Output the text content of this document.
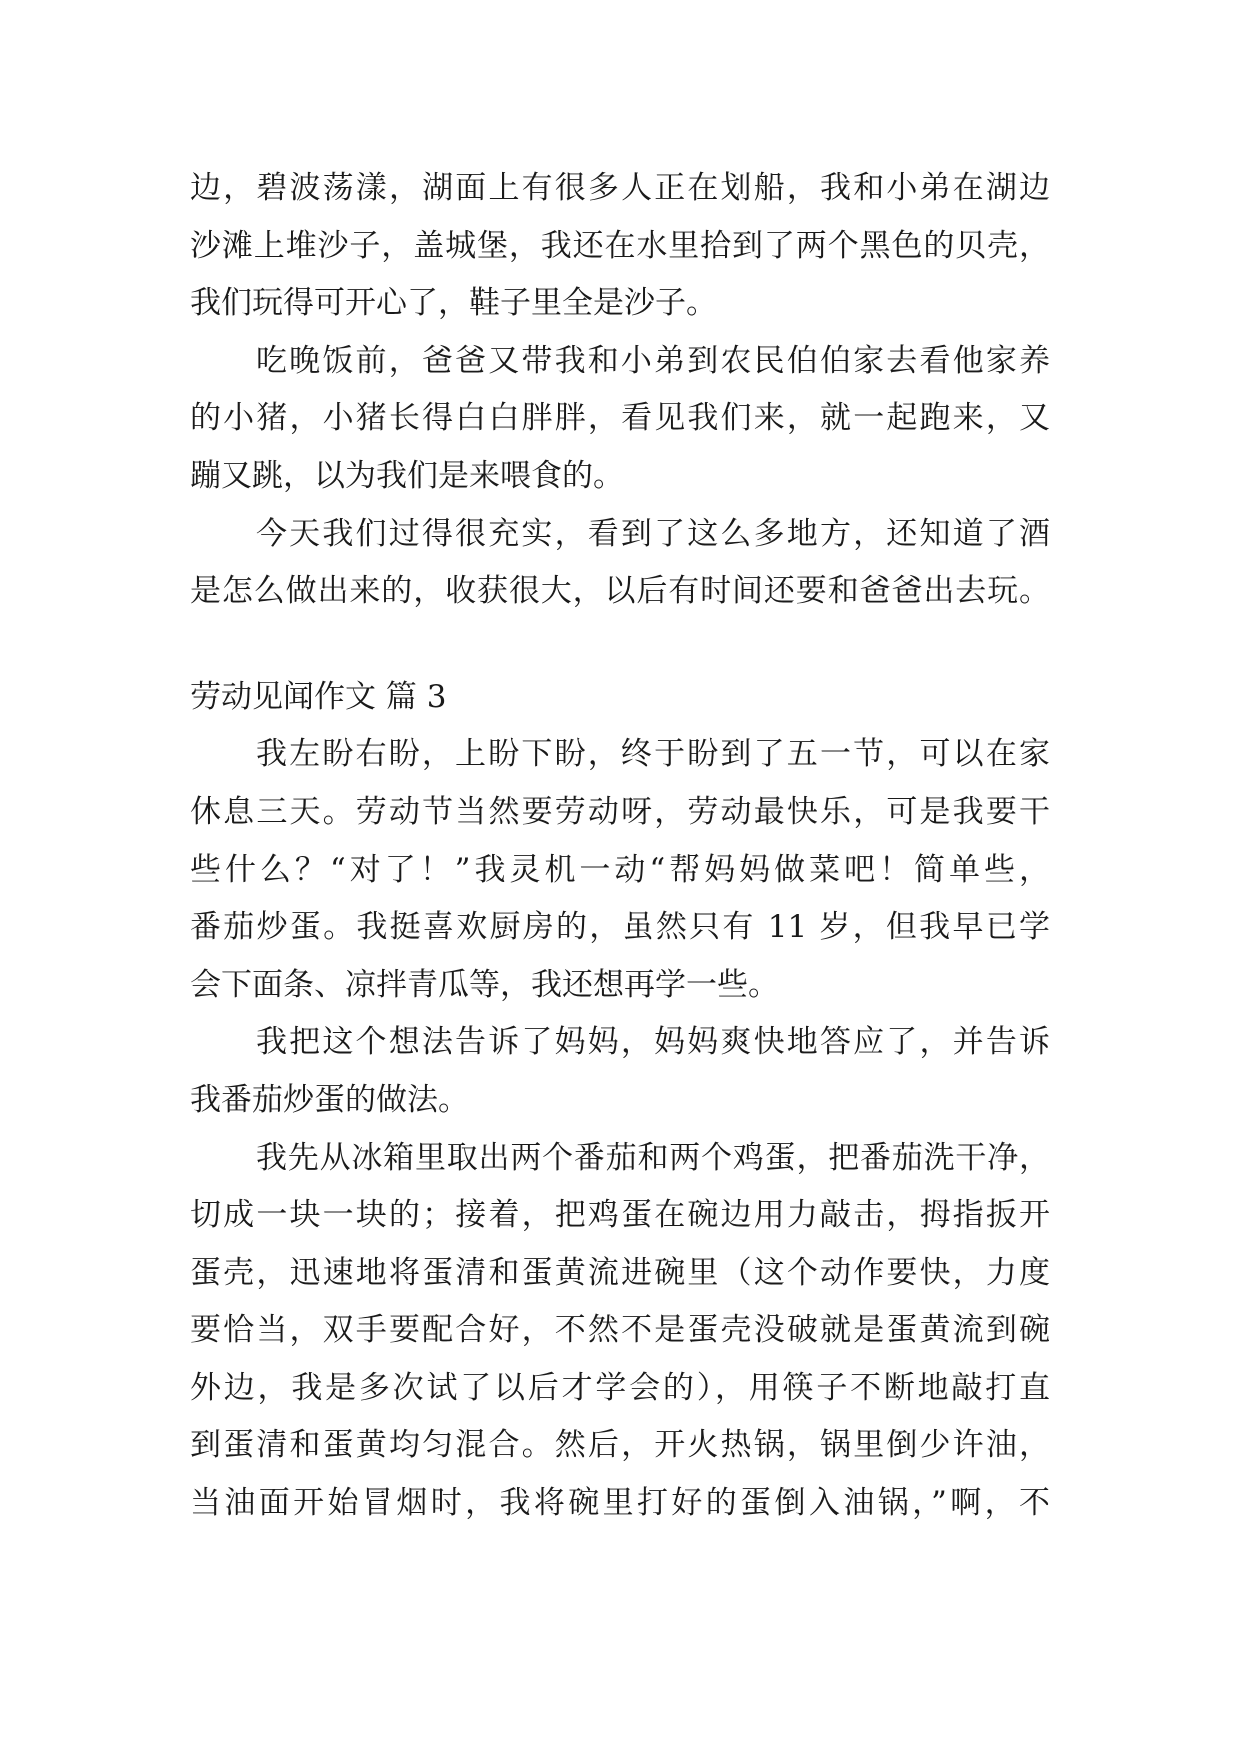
边，碧波荡漾，湖面上有很多人正在划船，我和小弟在湖边
沙滩上堆沙子，盖城堡，我还在水里拾到了两个黑色的贝壳，
我们玩得可开心了，鞋子里全是沙子。
吃晚饭前，爸爸又带我和小弟到农民伯伯家去看他家养
的小猪，小猪长得白白胖胖，看见我们来，就一起跑来，又
蹦又跳，以为我们是来喂食的。
今天我们过得很充实，看到了这么多地方，还知道了酒
是怎么做出来的，收获很大，以后有时间还要和爸爸出去玩。
劳动见闻作文 篇 3
我左盼右盼，上盼下盼，终于盼到了五一节，可以在家
休息三天。劳动节当然要劳动呀，劳动最快乐，可是我要干
些什么？“对了！”我灵机一动“帮妈妈做菜吧！简单些，
番茄炒蛋。我挺喜欢厨房的，虽然只有 11 岁，但我早已学
会下面条、凉拌青瓜等，我还想再学一些。
我把这个想法告诉了妈妈，妈妈爽快地答应了，并告诉
我番茄炒蛋的做法。
我先从冰箱里取出两个番茄和两个鸡蛋，把番茄洗干净，
切成一块一块的；接着，把鸡蛋在碗边用力敲击，拇指扳开
蛋壳，迅速地将蛋清和蛋黄流进碗里（这个动作要快，力度
要恰当，双手要配合好，不然不是蛋壳没破就是蛋黄流到碗
外边，我是多次试了以后才学会的），用筷子不断地敲打直
到蛋清和蛋黄均匀混合。然后，开火热锅，锅里倒少许油，
当油面开始冒烟时，我将碗里打好的蛋倒入油锅，”啊，不
